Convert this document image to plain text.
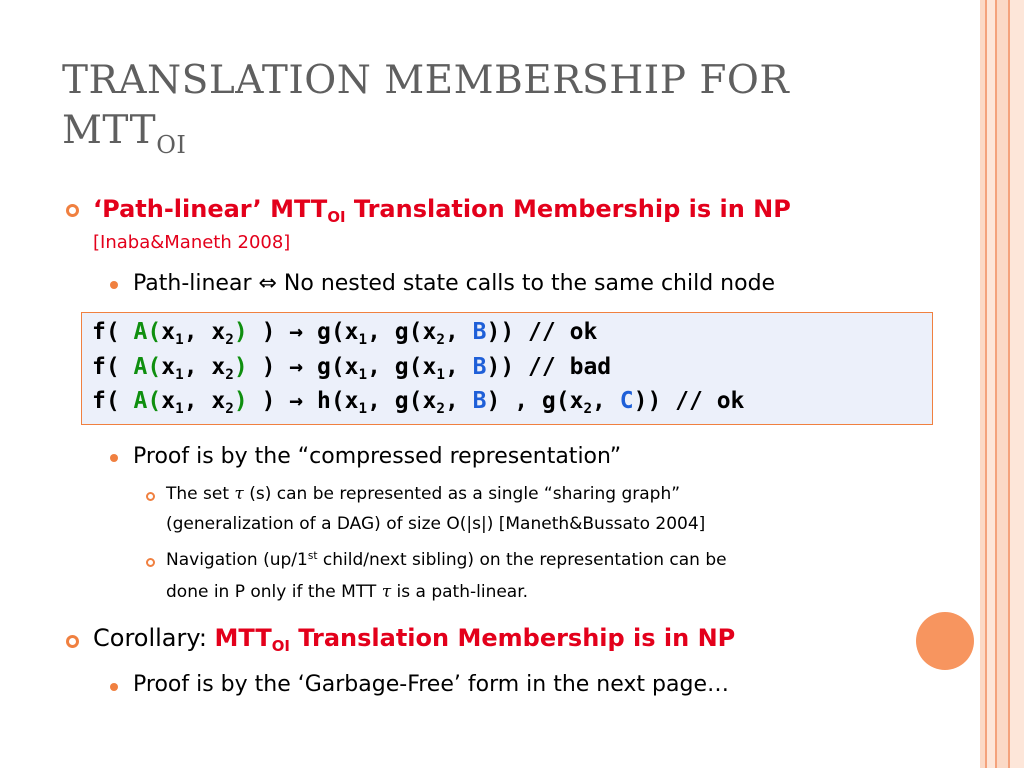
TRANSLATION MEMBERSHIP FOR
$MTT_{OI}$
‘Path-linear’ $MTT_{OI}$ Translation Membership is in NP
[Inaba&Maneth 2008]
Path-linear ⇔ No nested state calls to the same child node
f( $A(x_1$, $x_2$) ) → $g(x_1$, $g(x_2$, B)) // ok
f( $A(x_1$, $x_2$) ) → $g(x_1$, $g(x_1$, B)) // bad
f( $A(x_1$, $x_2$) ) → $h(x_1$, $g(x_2$, B) , $g(x_2$, C)) // ok
Proof is by the “compressed representation”
The set τ (s) can be represented as a single “sharing graph”
(generalization of a DAG) of size O(|s|) [Maneth&Bussato 2004]
Navigation (up/1st child/next sibling) on the representation can be
done in P only if the MTT τ is a path-linear.
Corollary: $MTT_{OI}$ Translation Membership is in NP
Proof is by the ‘Garbage-Free’ form in the next page…
